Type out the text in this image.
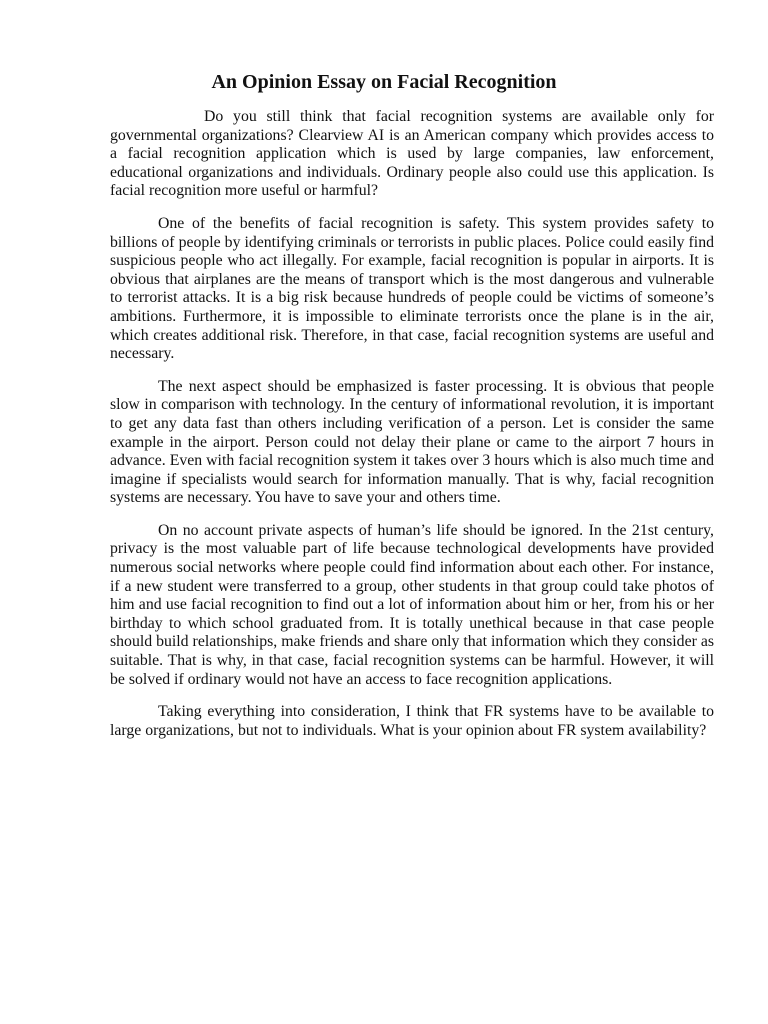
An Opinion Essay on Facial Recognition

Do you still think that facial recognition systems are available only for governmental organizations? Clearview AI is an American company which provides access to a facial recognition application which is used by large companies, law enforcement, educational organizations and individuals. Ordinary people also could use this application. Is facial recognition more useful or harmful?

One of the benefits of facial recognition is safety. This system provides safety to billions of people by identifying criminals or terrorists in public places. Police could easily find suspicious people who act illegally. For example, facial recognition is popular in airports. It is obvious that airplanes are the means of transport which is the most dangerous and vulnerable to terrorist attacks. It is a big risk because hundreds of people could be victims of someone’s ambitions. Furthermore, it is impossible to eliminate terrorists once the plane is in the air, which creates additional risk. Therefore, in that case, facial recognition systems are useful and necessary.

The next aspect should be emphasized is faster processing. It is obvious that people slow in comparison with technology. In the century of informational revolution, it is important to get any data fast than others including verification of a person. Let is consider the same example in the airport. Person could not delay their plane or came to the airport 7 hours in advance. Even with facial recognition system it takes over 3 hours which is also much time and imagine if specialists would search for information manually. That is why, facial recognition systems are necessary. You have to save your and others time.

On no account private aspects of human’s life should be ignored. In the 21st century, privacy is the most valuable part of life because technological developments have provided numerous social networks where people could find information about each other. For instance, if a new student were transferred to a group, other students in that group could take photos of him and use facial recognition to find out a lot of information about him or her, from his or her birthday to which school graduated from. It is totally unethical because in that case people should build relationships, make friends and share only that information which they consider as suitable. That is why, in that case, facial recognition systems can be harmful. However, it will be solved if ordinary would not have an access to face recognition applications.

Taking everything into consideration, I think that FR systems have to be available to large organizations, but not to individuals. What is your opinion about FR system availability?
